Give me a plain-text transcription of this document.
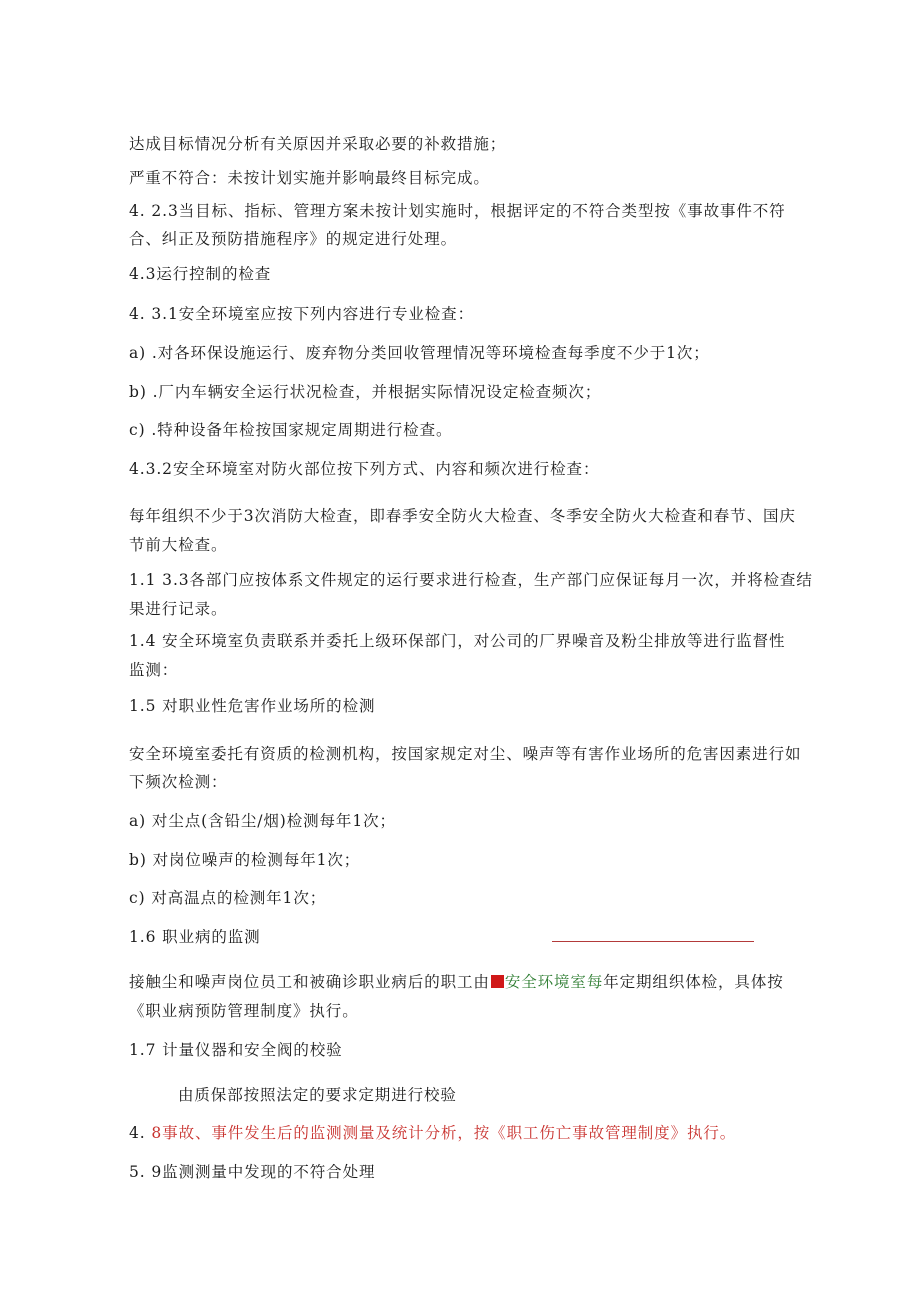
达成目标情况分析有关原因并采取必要的补救措施；
严重不符合：未按计划实施并影响最终目标完成。
4. 2.3当目标、指标、管理方案未按计划实施时，根据评定的不符合类型按《事故事件不符
合、纠正及预防措施程序》的规定进行处理。
4.3运行控制的检查
4. 3.1安全环境室应按下列内容进行专业检查：
a) .对各环保设施运行、废弃物分类回收管理情况等环境检查每季度不少于1次；
b) .厂内车辆安全运行状况检查，并根据实际情况设定检查频次；
c) .特种设备年检按国家规定周期进行检查。
4.3.2安全环境室对防火部位按下列方式、内容和频次进行检查：
每年组织不少于3次消防大检查，即春季安全防火大检查、冬季安全防火大检查和春节、国庆
节前大检查。
1.1 3.3各部门应按体系文件规定的运行要求进行检查，生产部门应保证每月一次，并将检查结
果进行记录。
1.4 安全环境室负责联系并委托上级环保部门，对公司的厂界噪音及粉尘排放等进行监督性
监测：
1.5 对职业性危害作业场所的检测
安全环境室委托有资质的检测机构，按国家规定对尘、噪声等有害作业场所的危害因素进行如
下频次检测：
a) 对尘点(含铅尘/烟)检测每年1次；
b) 对岗位噪声的检测每年1次；
c) 对高温点的检测年1次；
1.6 职业病的监测
接触尘和噪声岗位员工和被确诊职业病后的职工由 安全环境室每年定期组织体检，具体按
《职业病预防管理制度》执行。
1.7 计量仪器和安全阀的校验
由质保部按照法定的要求定期进行校验
4. 8事故、事件发生后的监测测量及统计分析，按《职工伤亡事故管理制度》执行。
5. 9监测测量中发现的不符合处理
